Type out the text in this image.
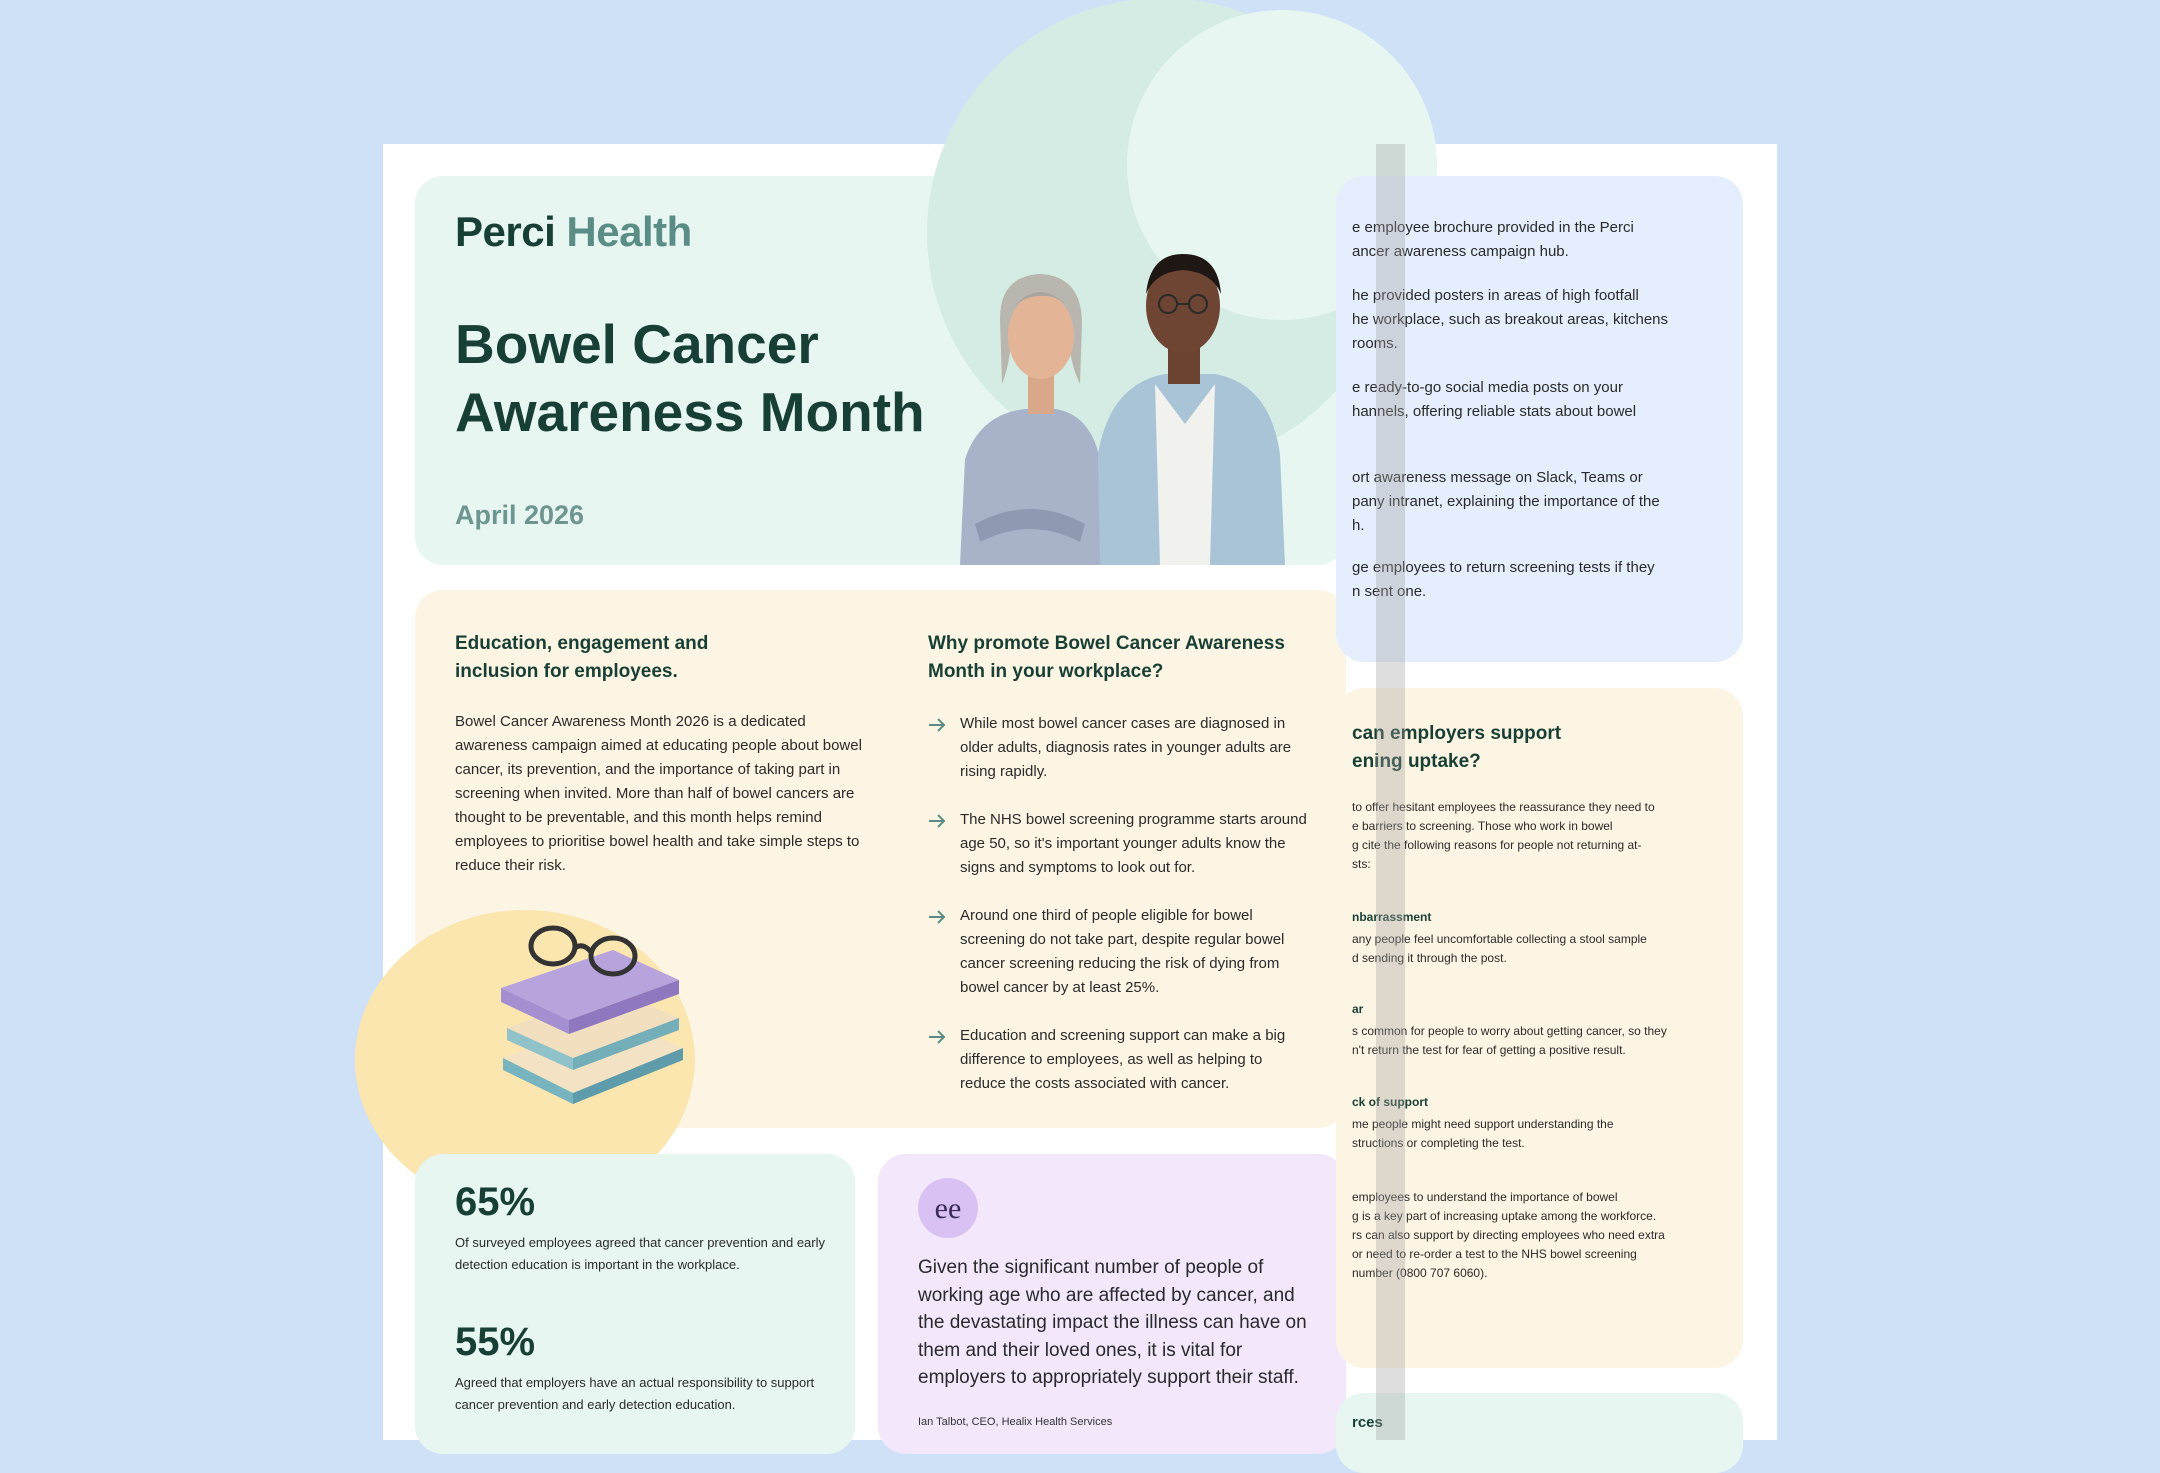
Perci Health
Bowel Cancer Awareness Month
April 2026
Education, engagement and inclusion for employees.

Bowel Cancer Awareness Month 2026 is a dedicated awareness campaign aimed at educating people about bowel cancer, its prevention, and the importance of taking part in screening when invited. More than half of bowel cancers are thought to be preventable, and this month helps remind employees to prioritise bowel health and take simple steps to reduce their risk.

Why promote Bowel Cancer Awareness Month in your workplace?
While most bowel cancer cases are diagnosed in older adults, diagnosis rates in younger adults are rising rapidly.
The NHS bowel screening programme starts around age 50, so it's important younger adults know the signs and symptoms to look out for.
Around one third of people eligible for bowel screening do not take part, despite regular bowel cancer screening reducing the risk of dying from bowel cancer by at least 25%.
Education and screening support can make a big difference to employees, as well as helping to reduce the costs associated with cancer.
65%

Of surveyed employees agreed that cancer prevention and early detection education is important in the workplace.

55%

Agreed that employers have an actual responsibility to support cancer prevention and early detection education.

ee

Given the significant number of people of working age who are affected by cancer, and the devastating impact the illness can have on them and their loved ones, it is vital for employers to appropriately support their staff.

Ian Talbot, CEO, Healix Health Services

e employee brochure provided in the Perci
ancer awareness campaign hub.

he provided posters in areas of high footfall
he workplace, such as breakout areas, kitchens
rooms.

e ready-to-go social media posts on your
hannels, offering reliable stats about bowel

ort awareness message on Slack, Teams or
pany intranet, explaining the importance of the
h.

ge employees to return screening tests if they
n sent one.

can employers support
ening uptake?

to offer hesitant employees the reassurance they need to
e barriers to screening. Those who work in bowel
g cite the following reasons for people not returning at-
sts:

nbarrassment

any people feel uncomfortable collecting a stool sample
d sending it through the post.

ar

s common for people to worry about getting cancer, so they
n't return the test for fear of getting a positive result.

ck of support

me people might need support understanding the
structions or completing the test.

employees to understand the importance of bowel
g is a key part of increasing uptake among the workforce.
rs can also support by directing employees who need extra
or need to re-order a test to the NHS bowel screening
number (0800 707 6060).

rces
